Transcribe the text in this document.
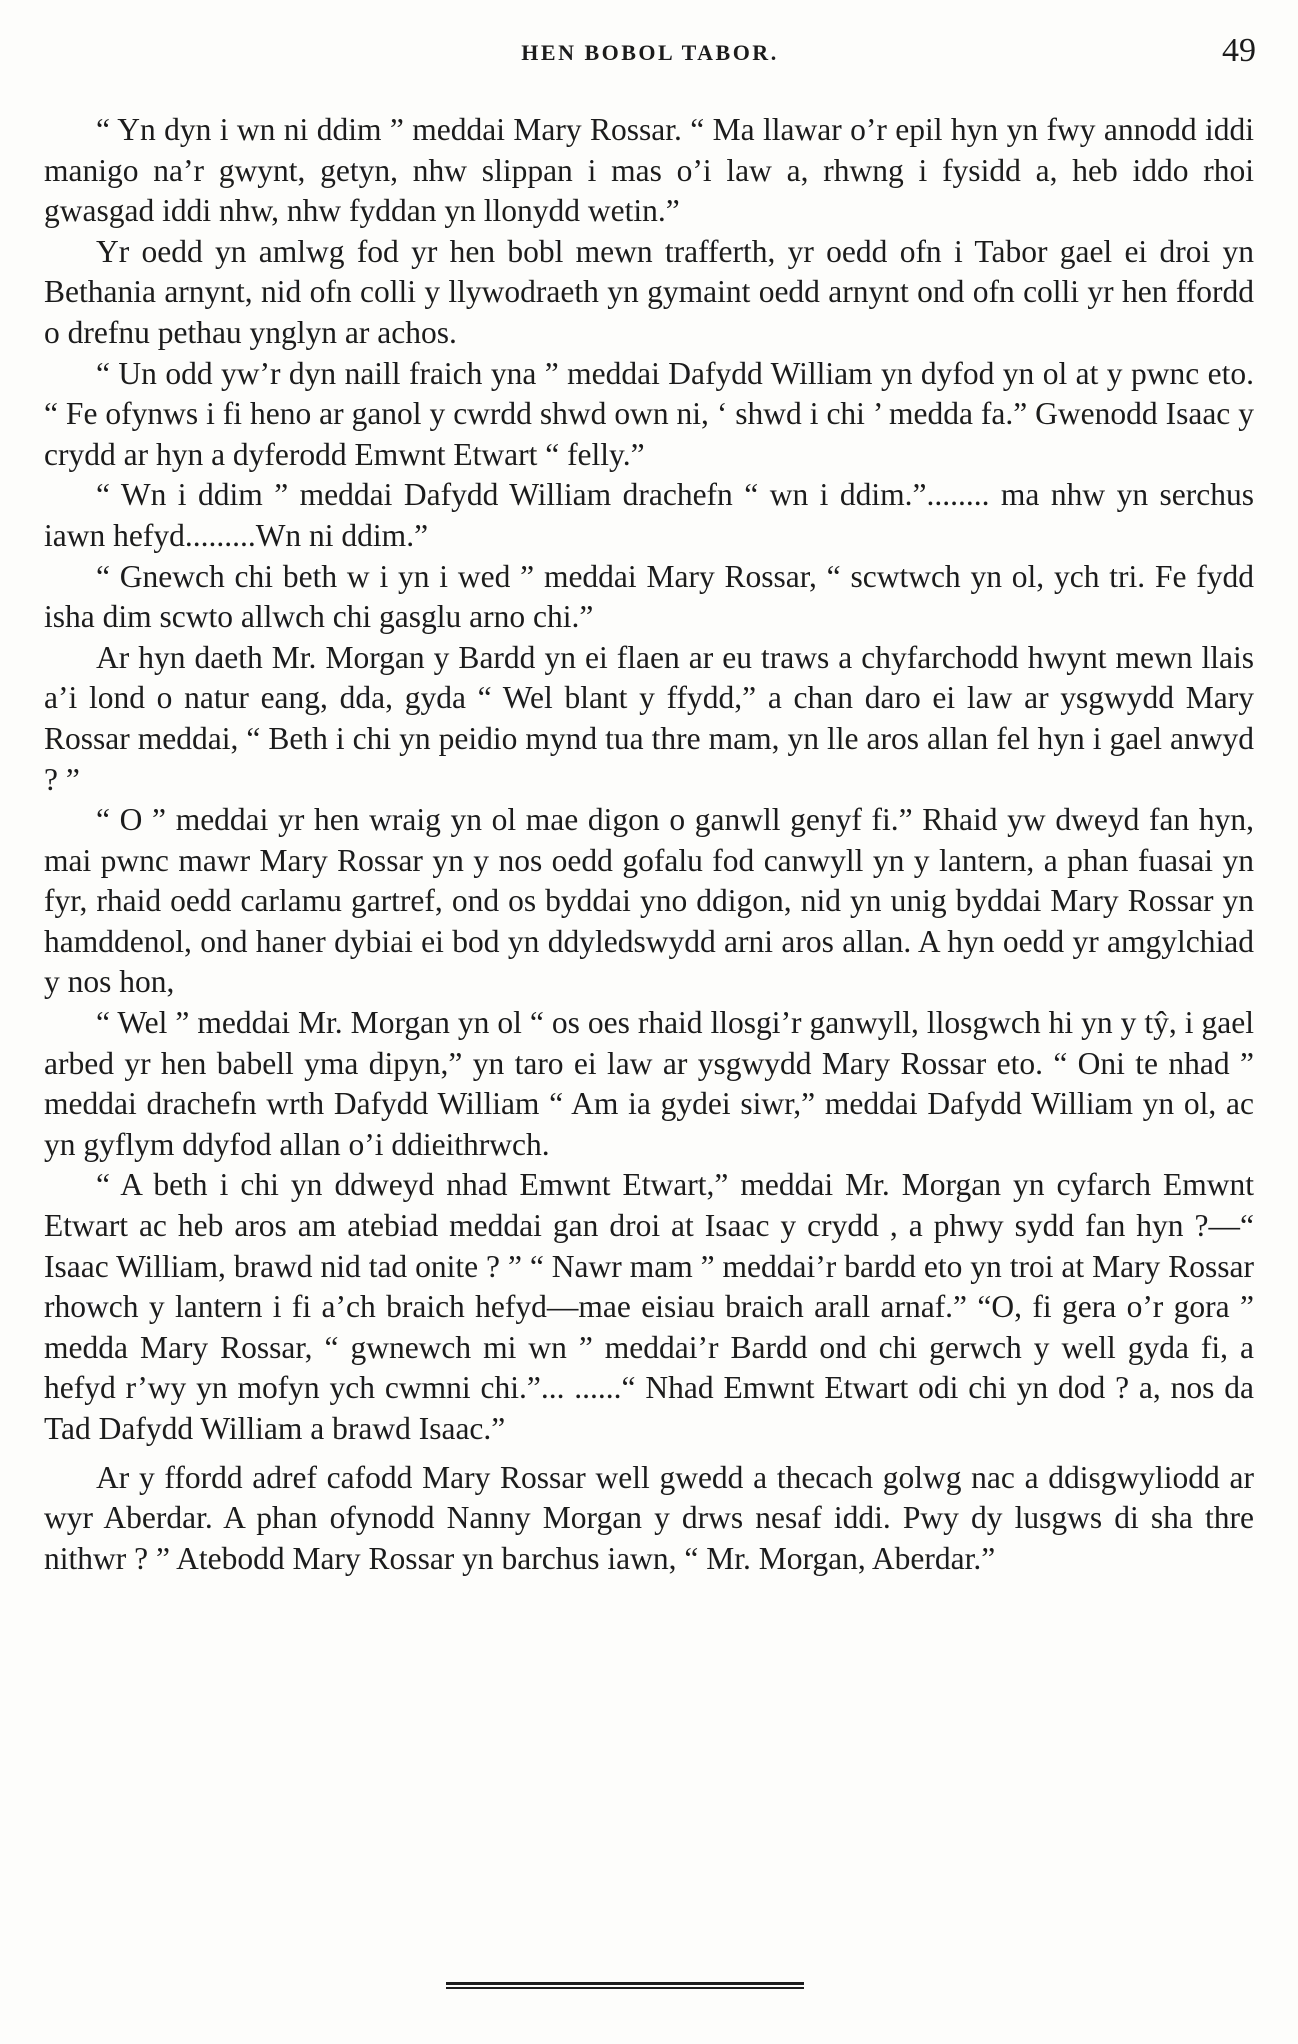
HEN BOBOL TABOR.	49

“ Yn dyn i wn ni ddim ” meddai Mary Rossar. “ Ma llawar o’r epil hyn yn fwy annodd iddi manigo na’r gwynt, getyn, nhw slippan i mas o’i law a, rhwng i fysidd a, heb iddo rhoi gwasgad iddi nhw, nhw fyddan yn llonydd wetin.”

Yr oedd yn amlwg fod yr hen bobl mewn trafferth, yr oedd ofn i Tabor gael ei droi yn Bethania arnynt, nid ofn colli y llywodraeth yn gymaint oedd arnynt ond ofn colli yr hen ffordd o drefnu pethau ynglyn ar achos.

“ Un odd yw’r dyn naill fraich yna ” meddai Dafydd William yn dyfod yn ol at y pwnc eto. “ Fe ofynws i fi heno ar ganol y cwrdd shwd own ni, ‘ shwd i chi ’ medda fa.” Gwenodd Isaac y crydd ar hyn a dyferodd Emwnt Etwart “ felly.”

“ Wn i ddim ” meddai Dafydd William drachefn “ wn i ddim.”........ ma nhw yn serchus iawn hefyd.........Wn ni ddim.”

“ Gnewch chi beth w i yn i wed ” meddai Mary Rossar, “ scwtwch yn ol, ych tri. Fe fydd isha dim scwto allwch chi gasglu arno chi.”

Ar hyn daeth Mr. Morgan y Bardd yn ei flaen ar eu traws a chyfarchodd hwynt mewn llais a’i lond o natur eang, dda, gyda “ Wel blant y ffydd,” a chan daro ei law ar ysgwydd Mary Rossar meddai, “ Beth i chi yn peidio mynd tua thre mam, yn lle aros allan fel hyn i gael anwyd ? ”

“ O ” meddai yr hen wraig yn ol mae digon o ganwll genyf fi.” Rhaid yw dweyd fan hyn, mai pwnc mawr Mary Rossar yn y nos oedd gofalu fod canwyll yn y lantern, a phan fuasai yn fyr, rhaid oedd carlamu gartref, ond os byddai yno ddigon, nid yn unig byddai Mary Rossar yn hamddenol, ond haner dybiai ei bod yn ddyledswydd arni aros allan. A hyn oedd yr amgylchiad y nos hon,

“ Wel ” meddai Mr. Morgan yn ol “ os oes rhaid llosgi’r ganwyll, llosgwch hi yn y tŷ, i gael arbed yr hen babell yma dipyn,” yn taro ei law ar ysgwydd Mary Rossar eto. “ Oni te nhad ” meddai drachefn wrth Dafydd William “ Am ia gydei siwr,” meddai Dafydd William yn ol, ac yn gyflym ddyfod allan o’i ddieithrwch.

“ A beth i chi yn ddweyd nhad Emwnt Etwart,” meddai Mr. Morgan yn cyfarch Emwnt Etwart ac heb aros am atebiad meddai gan droi at Isaac y crydd , a phwy sydd fan hyn ?—“ Isaac William, brawd nid tad onite ? ” “ Nawr mam ” meddai’r bardd eto yn troi at Mary Rossar rhowch y lantern i fi a’ch braich hefyd—mae eisiau braich arall arnaf.” “O, fi gera o’r gora ” medda Mary Rossar, “ gwnewch mi wn ” meddai’r Bardd ond chi gerwch y well gyda fi, a hefyd r’wy yn mofyn ych cwmni chi.”... ......“ Nhad Emwnt Etwart odi chi yn dod ? a, nos da Tad Dafydd William a brawd Isaac.”

Ar y ffordd adref cafodd Mary Rossar well gwedd a thecach golwg nac a ddisgwyliodd ar wyr Aberdar. A phan ofynodd Nanny Morgan y drws nesaf iddi. Pwy dy lusgws di sha thre nithwr ? ” Atebodd Mary Rossar yn barchus iawn, “ Mr. Morgan, Aberdar.”
